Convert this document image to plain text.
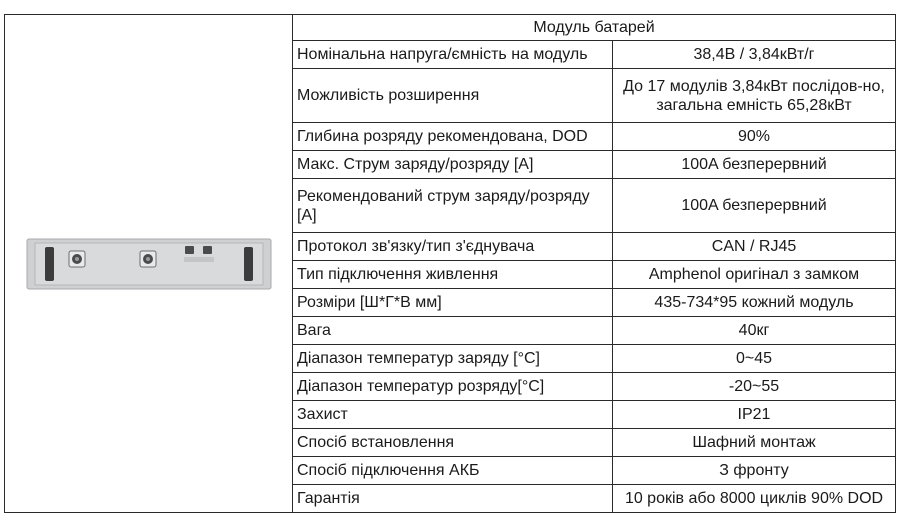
	Модуль батарей	
	Номінальна напруга/ємність на модуль	38,4В / 3,84кВт/г
	Можливість розширення	До 17 модулів 3,84кВт послідов-но, загальна емність 65,28кВт
	Глибина розряду рекомендована, DOD	90%
	Макс. Струм заряду/розряду [A]	100A безперервний
	Рекомендований струм заряду/розряду [A]	100A безперервний
	Протокол зв'язку/тип з'єднувача	CAN / RJ45
	Тип підключення живлення	Amphenol оригінал з замком
	Розміри [Ш*Г*В мм]	435-734*95 кожний модуль
	Вага	40кг
	Діапазон температур заряду [°C]	0~45
	Діапазон температур розряду[°C]	-20~55
	Захист	IP21
	Спосіб встановлення	Шафний монтаж
	Спосіб підключення АКБ	З фронту
	Гарантія	10 років або 8000 циклів 90% DOD
